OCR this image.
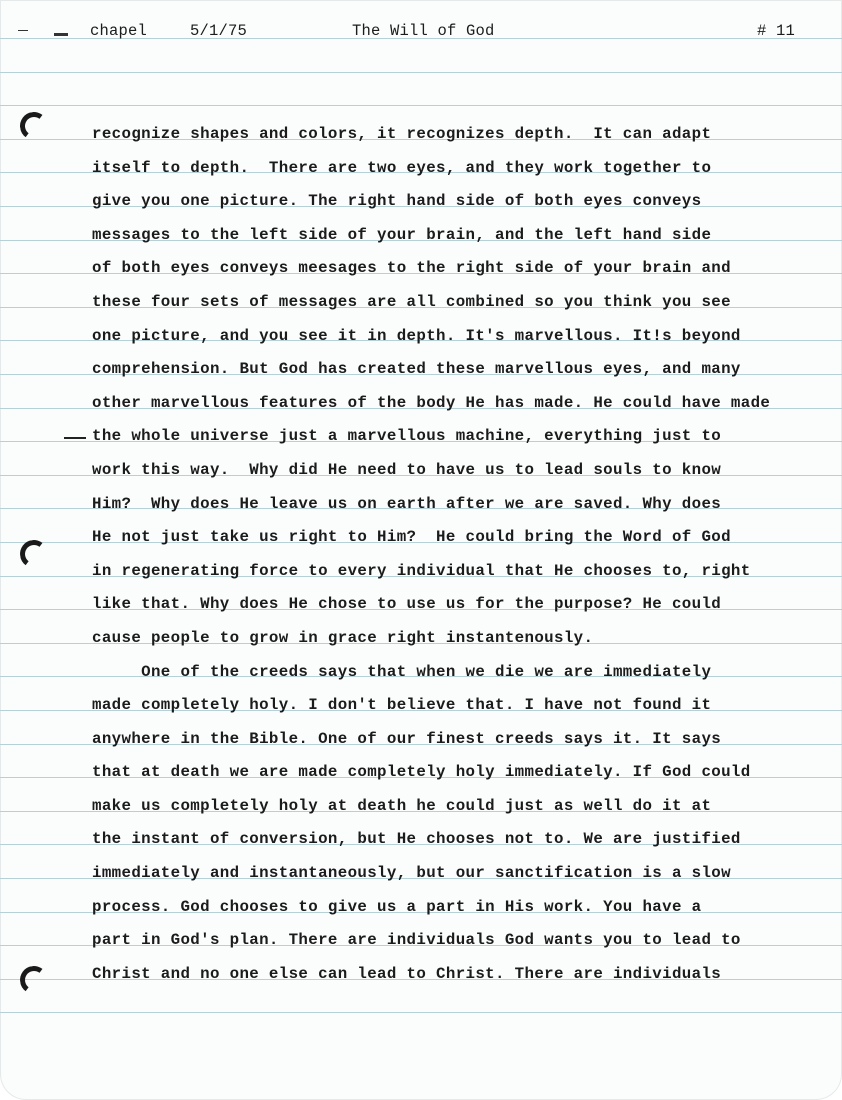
chapel	5/1/75	The Will of God	# 11
recognize shapes and colors, it recognizes depth.  It can adapt
itself to depth.  There are two eyes, and they work together to
give you one picture. The right hand side of both eyes conveys
messages to the left side of your brain, and the left hand side
of both eyes conveys meesages to the right side of your brain and
these four sets of messages are all combined so you think you see
one picture, and you see it in depth. It's marvellous. It!s beyond
comprehension. But God has created these marvellous eyes, and many
other marvellous features of the body He has made. He could have made
the whole universe just a marvellous machine, everything just to
work this way.  Why did He need to have us to lead souls to know
Him?  Why does He leave us on earth after we are saved. Why does
He not just take us right to Him?  He could bring the Word of God
in regenerating force to every individual that He chooses to, right
like that. Why does He chose to use us for the purpose? He could
cause people to grow in grace right instantenously.
One of the creeds says that when we die we are immediately
made completely holy. I don't believe that. I have not found it
anywhere in the Bible. One of our finest creeds says it. It says
that at death we are made completely holy immediately. If God could
make us completely holy at death he could just as well do it at
the instant of conversion, but He chooses not to. We are justified
immediately and instantaneously, but our sanctification is a slow
process. God chooses to give us a part in His work. You have a
part in God's plan. There are individuals God wants you to lead to
Christ and no one else can lead to Christ. There are individuals
